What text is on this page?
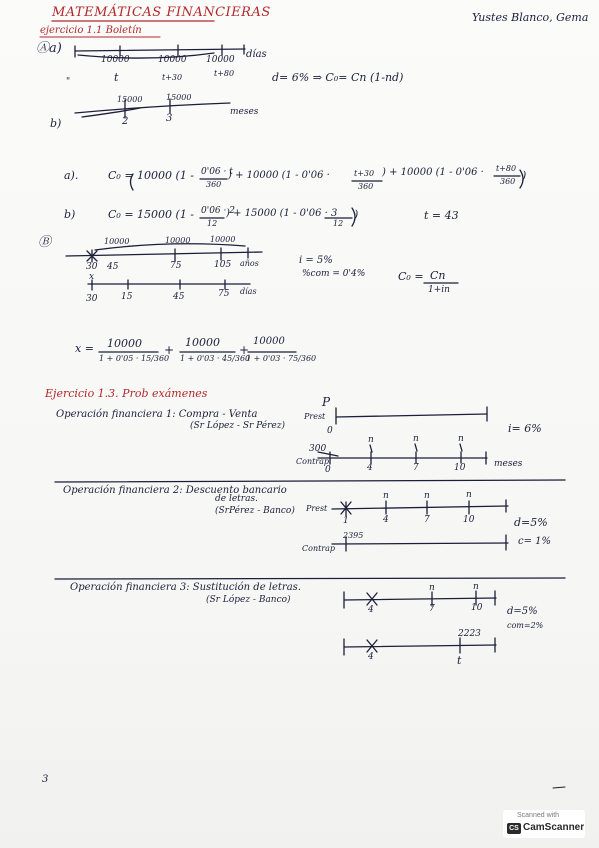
MATEMÁTICAS FINANCIERAS	Yustes Blanco, Gema
ejercicio 1.1 Boletín
Ⓐa)
10000	10000 10000 días
"	t	t+30	t+80	d= 6% ⇒ C₀= Cn (1-nd)
b)
15000	15000
2	3
meses
a).	C₀ = 10000 (1 - 0'06 · t
360
) + 10000 (1 - 0'06 ·	t+30
360
) + 10000 (1 - 0'06 · t+80
360 )
b)	C₀ = 15000 (1 - 0'06 · 2
12
) + 15000 (1 - 0'06 · 3
12
)	t = 43
Ⓑ	10000	10000 10000
30 45	75	105 años
x
30	15	45	75 días
i = 5%
%com = 0'4%	C₀ = Cn
1+in
x = 10000
1 + 0'05 · 15/360
+
10000
1 + 0'03 · 45/360
+
10000
1 + 0'03 · 75/360
Ejercicio 1.3. Prob exámenes
Operación financiera 1: Compra - Venta
(Sr López - Sr Pérez)
P
Prest
0
300
Contrap
0
n	n	n
4	7	10	meses
i= 6%
Operación financiera 2: Descuento bancario
de letras.
(SrPérez - Banco) Prest
n	n	n
1	4	7	10	d=5%
2395
Contrap
c= 1%
Operación financiera 3: Sustitución de letras.
(Sr López - Banco)
n	n
4	7	10 d=5%
com=2%
2223
4	t
3
Scanned with
CS CamScanner
